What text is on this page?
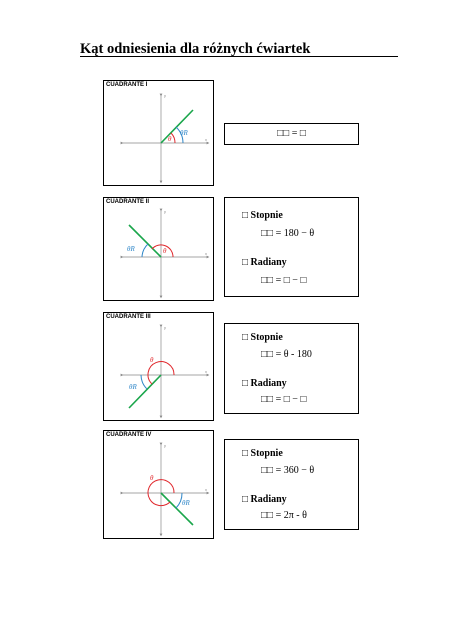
Kąt odniesienia dla różnych ćwiartek
CUADRANTE I
y
x
θ
θR	□□ = □
CUADRANTE II
y
x
θ
θR
□ Stopnie
□□ = 180 − θ
□ Radiany
□□ = □ − □
CUADRANTE III
y
x
θ
θR
□ Stopnie
□□ = θ - 180
□ Radiany
□□ = □ − □
CUADRANTE IV
y
x
θ
θR
□ Stopnie
□□ = 360 − θ
□ Radiany
□□ = 2π - θ
